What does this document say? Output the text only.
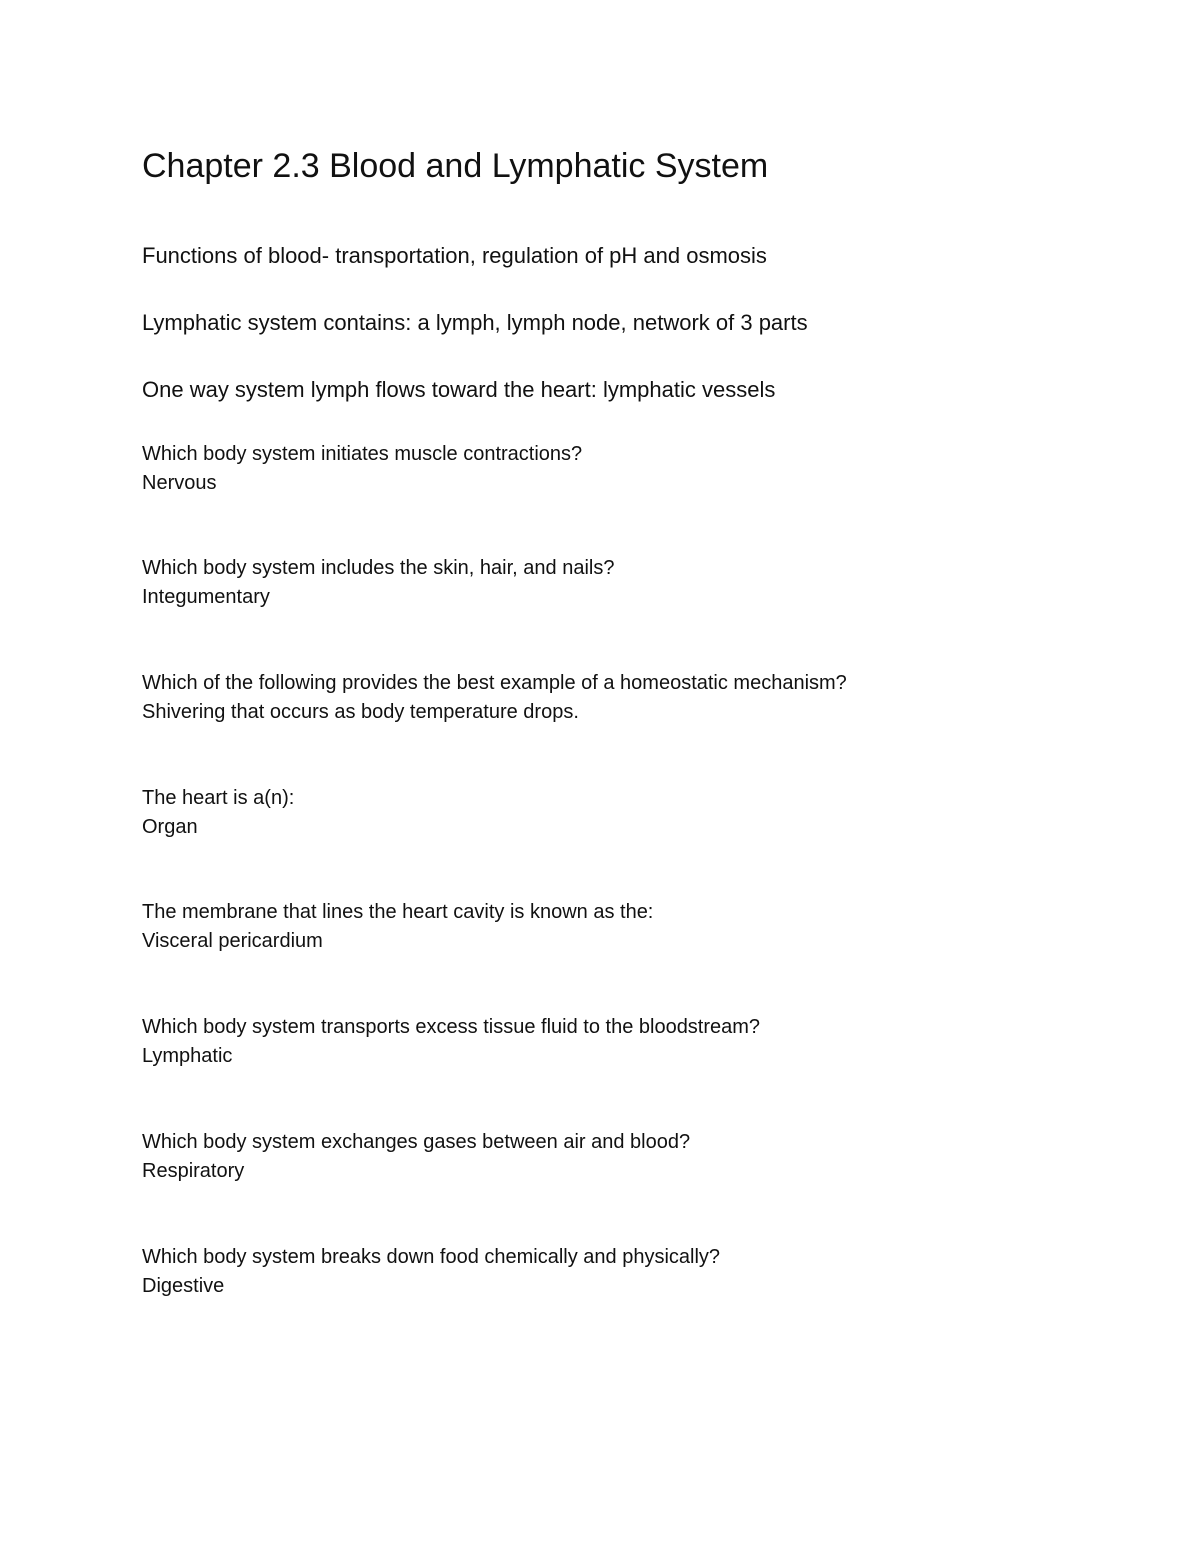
Chapter 2.3 Blood and Lymphatic System

Functions of blood- transportation, regulation of pH and osmosis

Lymphatic system contains: a lymph, lymph node, network of 3 parts

One way system lymph flows toward the heart: lymphatic vessels

Which body system initiates muscle contractions?
Nervous
Which body system includes the skin, hair, and nails?
Integumentary
Which of the following provides the best example of a homeostatic mechanism?
Shivering that occurs as body temperature drops.
The heart is a(n):
Organ
The membrane that lines the heart cavity is known as the:
Visceral pericardium
Which body system transports excess tissue fluid to the bloodstream?
Lymphatic
Which body system exchanges gases between air and blood?
Respiratory
Which body system breaks down food chemically and physically?
Digestive
